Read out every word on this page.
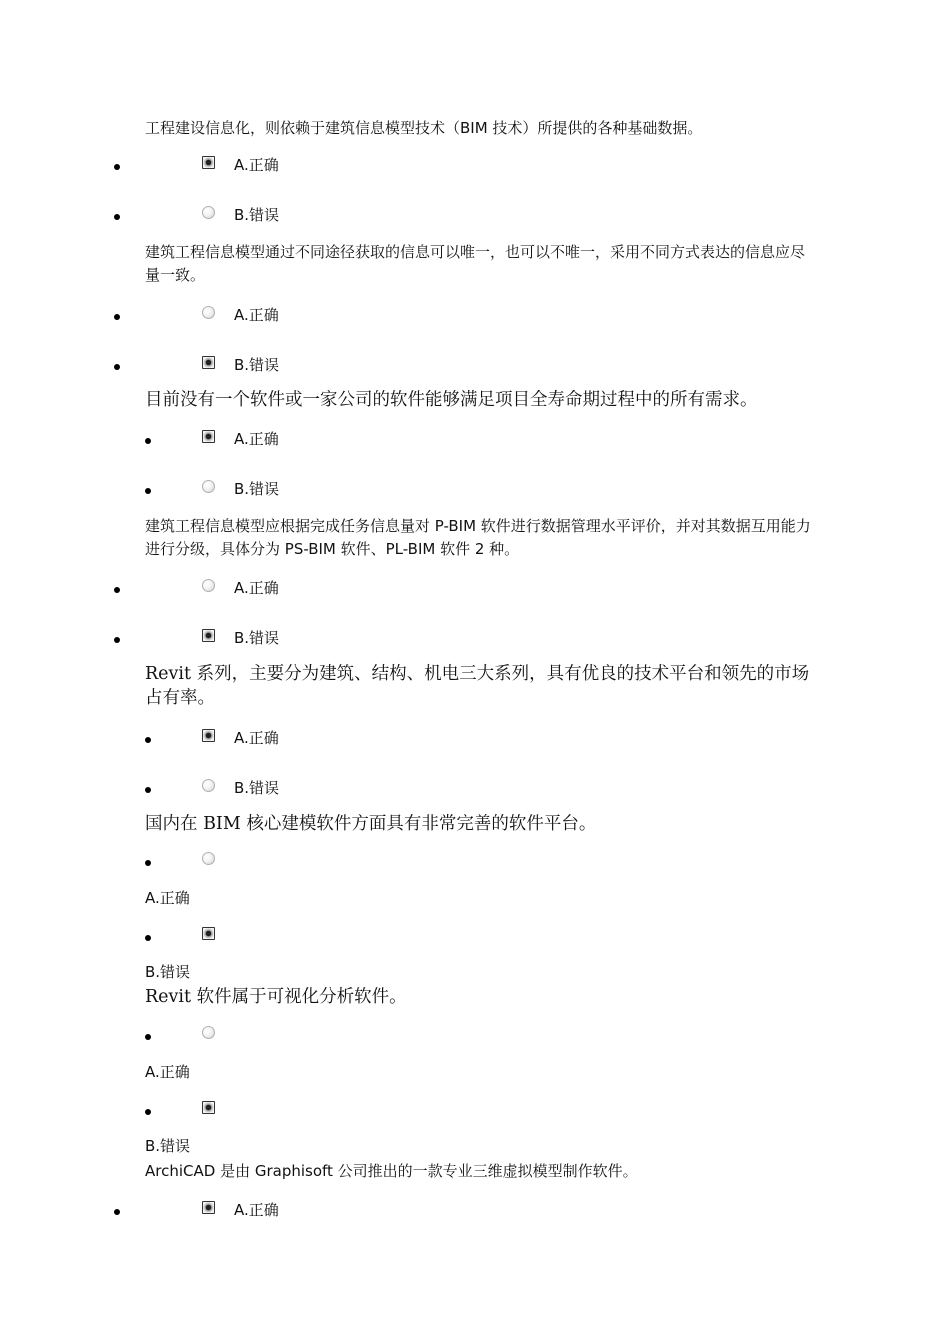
工程建设信息化，则依赖于建筑信息模型技术（BIM 技术）所提供的各种基础数据。

A.正确
B.错误

建筑工程信息模型通过不同途径获取的信息可以唯一，也可以不唯一，采用不同方式表达的信息应尽量一致。

A.正确
B.错误

目前没有一个软件或一家公司的软件能够满足项目全寿命期过程中的所有需求。

A.正确
B.错误

建筑工程信息模型应根据完成任务信息量对 P-BIM 软件进行数据管理水平评价，并对其数据互用能力进行分级，具体分为 PS-BIM 软件、PL-BIM 软件 2 种。

A.正确
B.错误

Revit 系列，主要分为建筑、结构、机电三大系列，具有优良的技术平台和领先的市场占有率。

A.正确
B.错误

国内在 BIM 核心建模软件方面具有非常完善的软件平台。

A.正确
B.错误

Revit 软件属于可视化分析软件。

A.正确
B.错误

ArchiCAD 是由 Graphisoft 公司推出的一款专业三维虚拟模型制作软件。

A.正确
